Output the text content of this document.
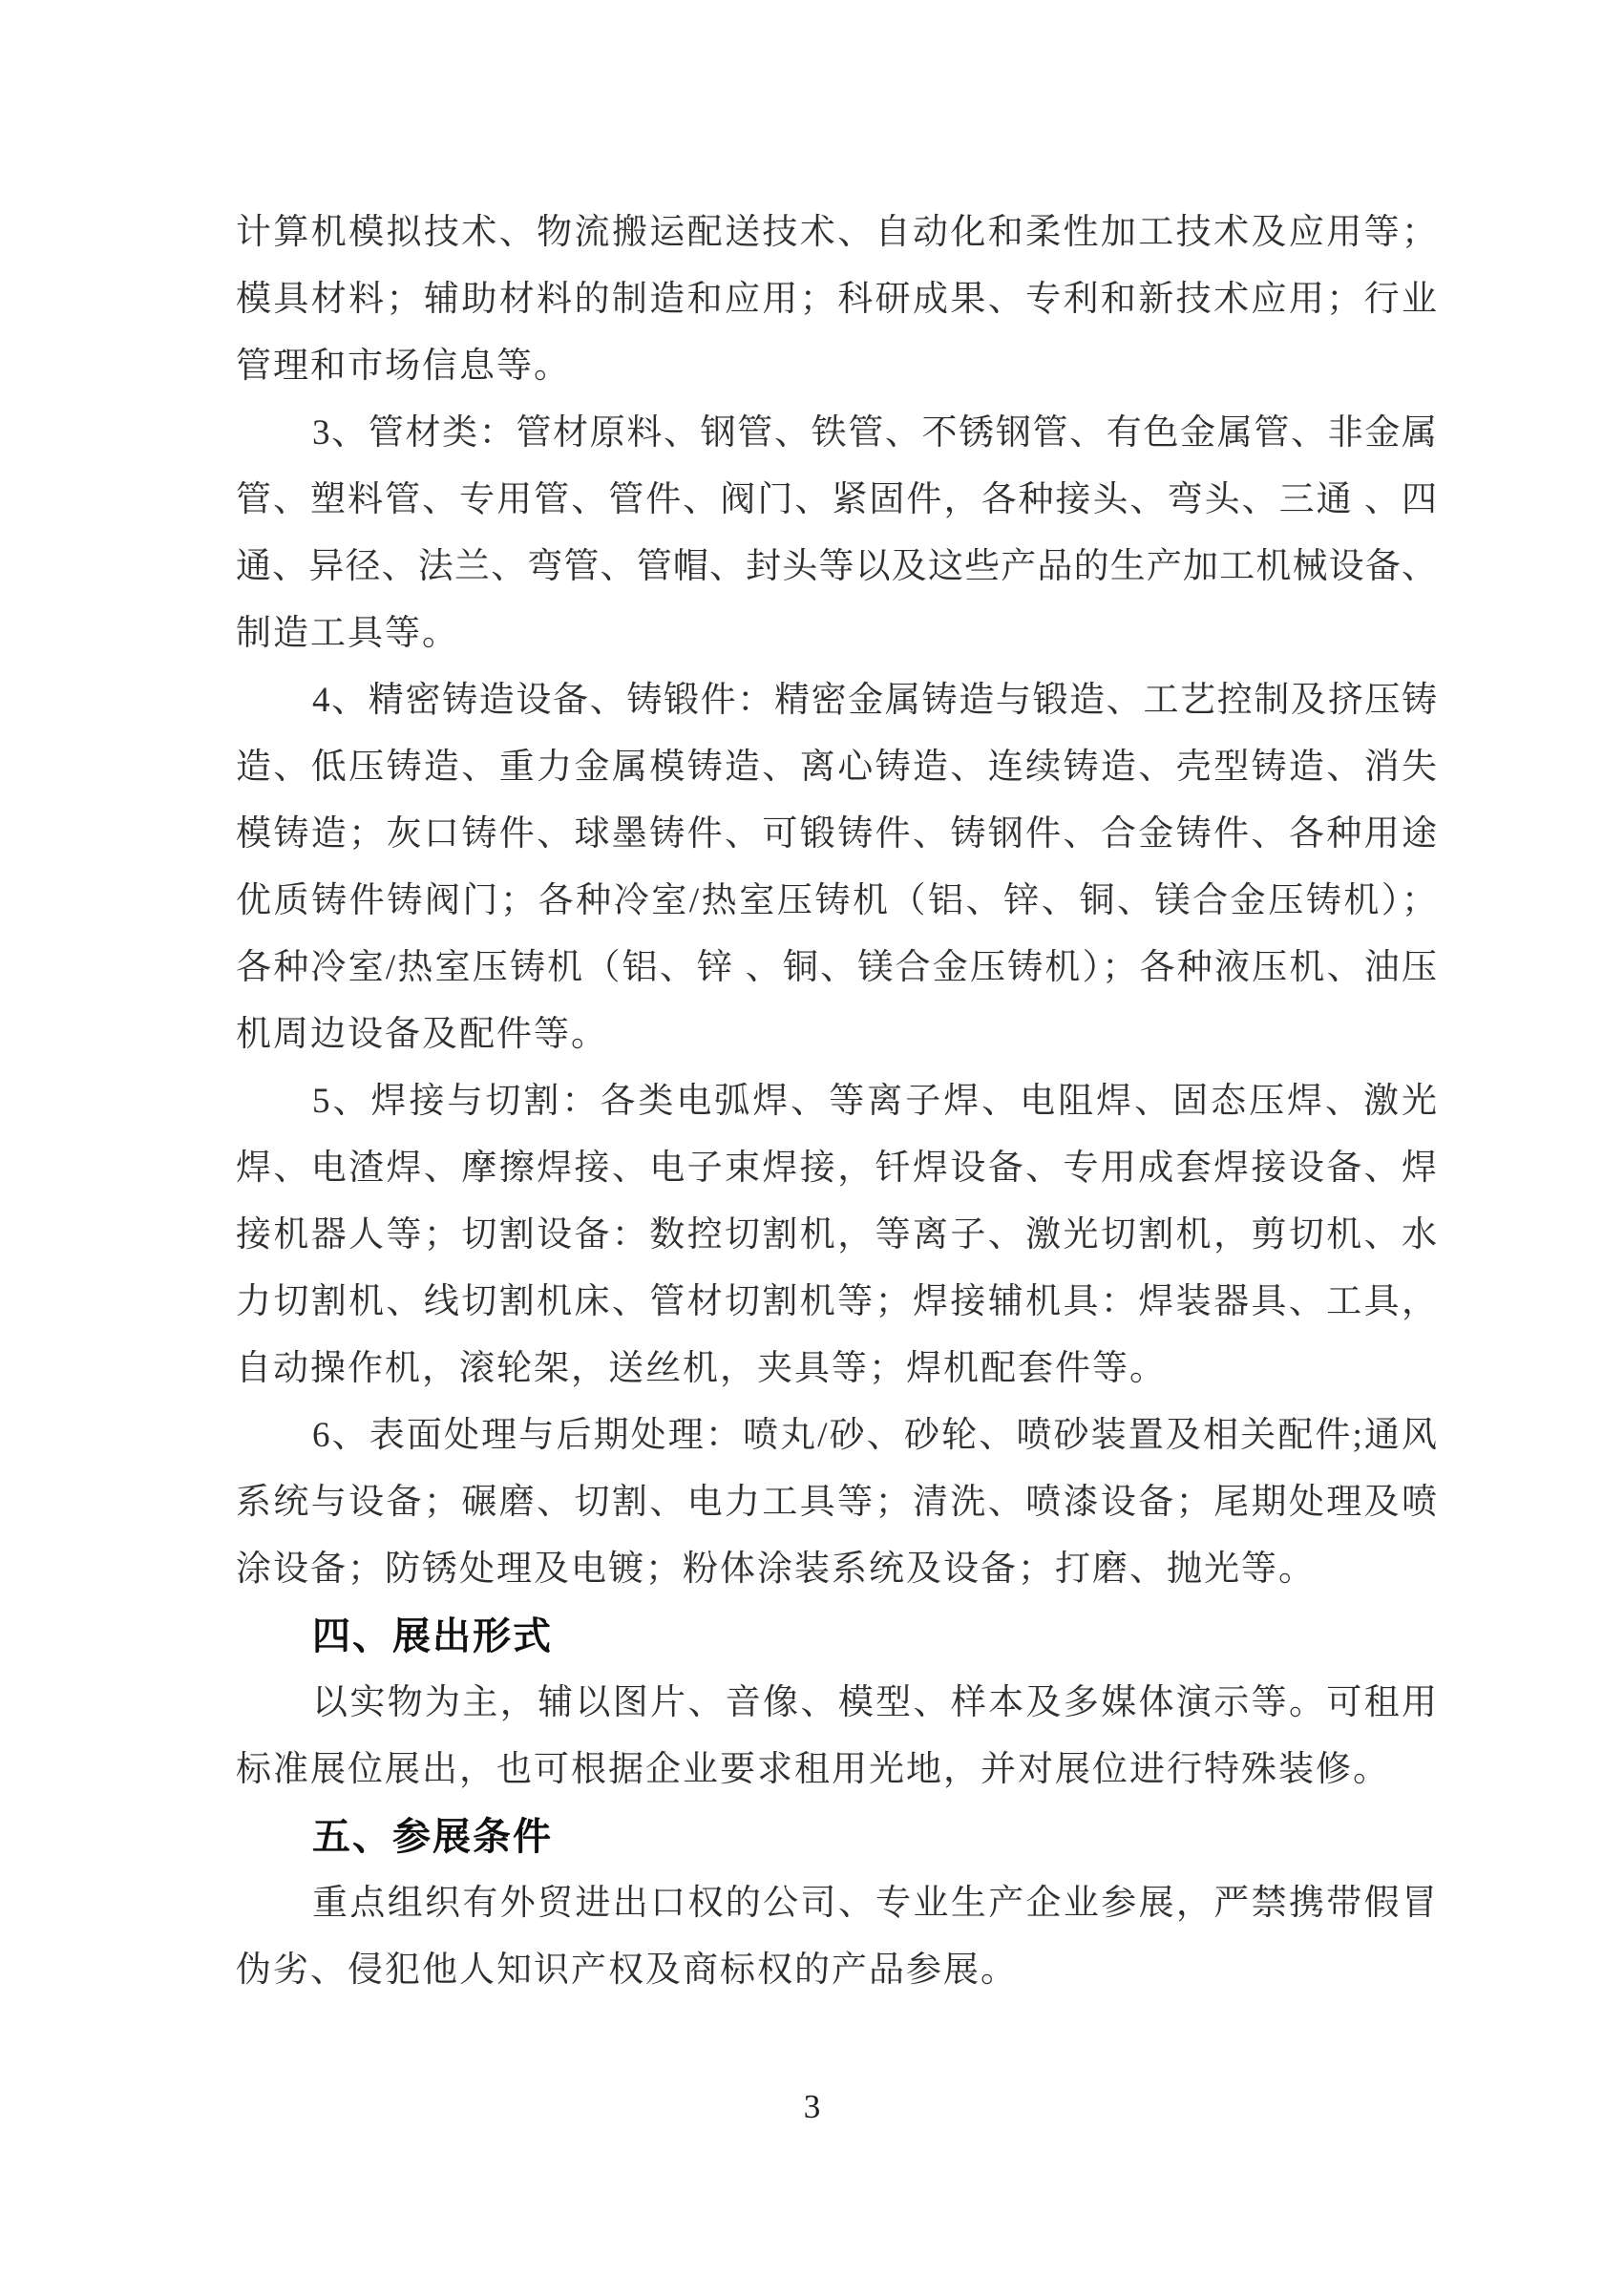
计算机模拟技术、物流搬运配送技术、自动化和柔性加工技术及应用等；
模具材料；辅助材料的制造和应用；科研成果、专利和新技术应用；行业
管理和市场信息等。
3、管材类：管材原料、钢管、铁管、不锈钢管、有色金属管、非金属
管、塑料管、专用管、管件、阀门、紧固件，各种接头、弯头、三通 、四
通、异径、法兰、弯管、管帽、封头等以及这些产品的生产加工机械设备、
制造工具等。
4、精密铸造设备、铸锻件：精密金属铸造与锻造、工艺控制及挤压铸
造、低压铸造、重力金属模铸造、离心铸造、连续铸造、壳型铸造、消失
模铸造；灰口铸件、球墨铸件、可锻铸件、铸钢件、合金铸件、各种用途
优质铸件铸阀门；各种冷室/热室压铸机（铝、锌、铜、镁合金压铸机）；
各种冷室/热室压铸机（铝、锌 、铜、镁合金压铸机）；各种液压机、油压
机周边设备及配件等。
5、焊接与切割：各类电弧焊、等离子焊、电阻焊、固态压焊、激光
焊、电渣焊、摩擦焊接、电子束焊接，钎焊设备、专用成套焊接设备、焊
接机器人等；切割设备：数控切割机，等离子、激光切割机，剪切机、水
力切割机、线切割机床、管材切割机等；焊接辅机具：焊装器具、工具，
自动操作机，滚轮架，送丝机，夹具等；焊机配套件等。
6、表面处理与后期处理：喷丸/砂、砂轮、喷砂装置及相关配件;通风
系统与设备；碾磨、切割、电力工具等；清洗、喷漆设备；尾期处理及喷
涂设备；防锈处理及电镀；粉体涂装系统及设备；打磨、抛光等。
四、展出形式
以实物为主，辅以图片、音像、模型、样本及多媒体演示等。可租用
标准展位展出，也可根据企业要求租用光地，并对展位进行特殊装修。
五、参展条件
重点组织有外贸进出口权的公司、专业生产企业参展，严禁携带假冒
伪劣、侵犯他人知识产权及商标权的产品参展。
3
